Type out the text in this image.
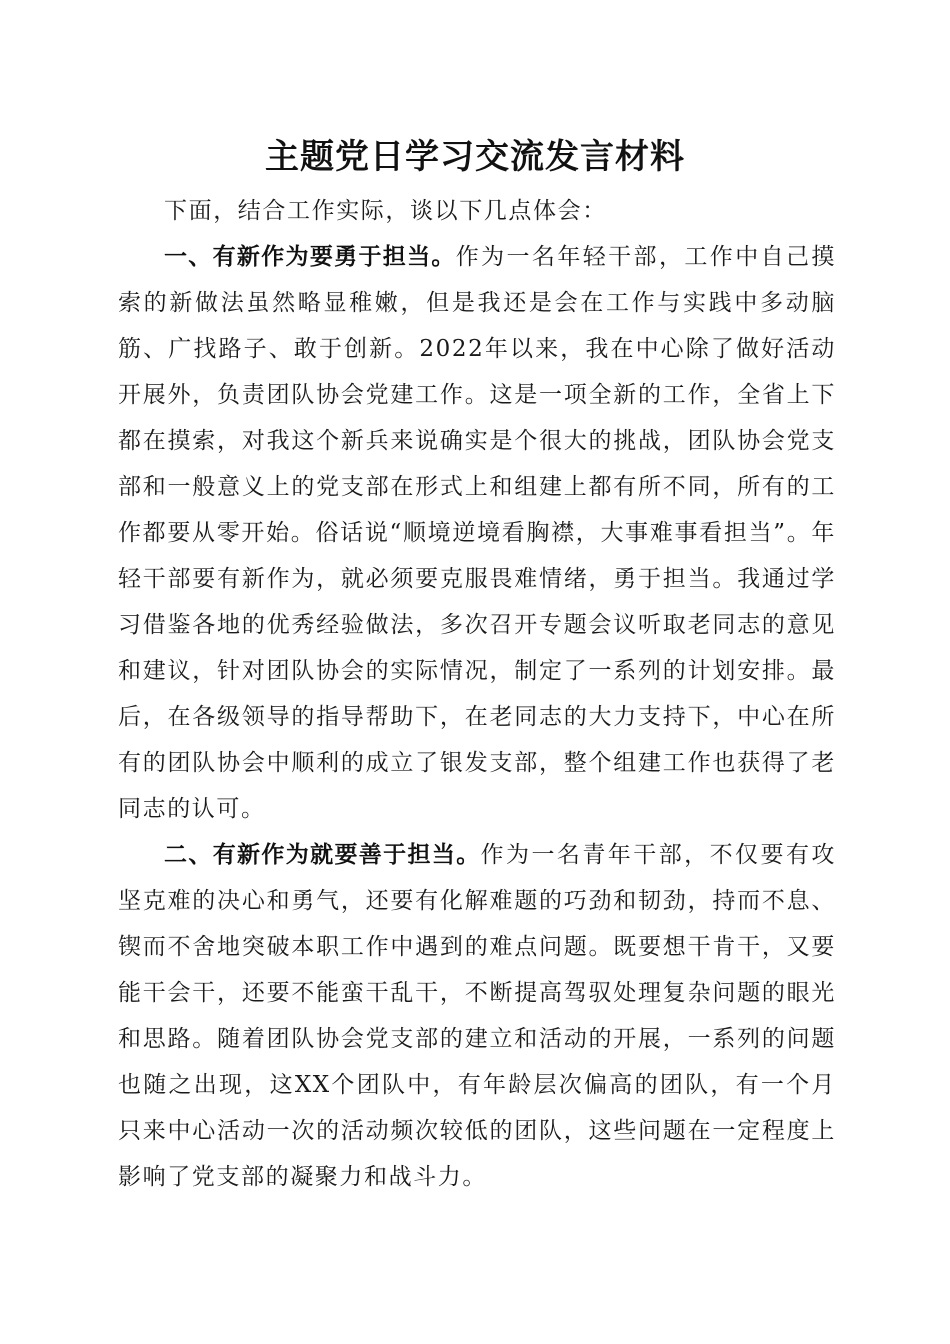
主题党日学习交流发言材料

下面，结合工作实际，谈以下几点体会：

一、有新作为要勇于担当。作为一名年轻干部，工作中自己摸索的新做法虽然略显稚嫩，但是我还是会在工作与实践中多动脑筋、广找路子、敢于创新。2022年以来，我在中心除了做好活动开展外，负责团队协会党建工作。这是一项全新的工作，全省上下都在摸索，对我这个新兵来说确实是个很大的挑战，团队协会党支部和一般意义上的党支部在形式上和组建上都有所不同，所有的工作都要从零开始。俗话说“顺境逆境看胸襟，大事难事看担当”。年轻干部要有新作为，就必须要克服畏难情绪，勇于担当。我通过学习借鉴各地的优秀经验做法，多次召开专题会议听取老同志的意见和建议，针对团队协会的实际情况，制定了一系列的计划安排。最后，在各级领导的指导帮助下，在老同志的大力支持下，中心在所有的团队协会中顺利的成立了银发支部，整个组建工作也获得了老同志的认可。

二、有新作为就要善于担当。作为一名青年干部，不仅要有攻坚克难的决心和勇气，还要有化解难题的巧劲和韧劲，持而不息、锲而不舍地突破本职工作中遇到的难点问题。既要想干肯干，又要能干会干，还要不能蛮干乱干，不断提高驾驭处理复杂问题的眼光和思路。随着团队协会党支部的建立和活动的开展，一系列的问题也随之出现，这XX个团队中，有年龄层次偏高的团队，有一个月只来中心活动一次的活动频次较低的团队，这些问题在一定程度上影响了党支部的凝聚力和战斗力。
